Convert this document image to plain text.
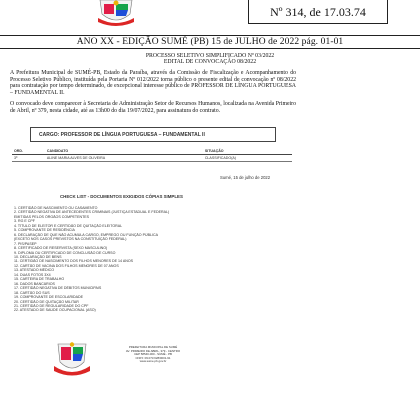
Nº 314, de 17.03.74
ANO XX - EDIÇÃO SUMÉ (PB) 15 de JULHO de 2022 pág. 01-01
PROCESSO SELETIVO SIMPLIFICADO Nº 03/2022
EDITAL DE CONVOCAÇÃO 08/2022
A Prefeitura Municipal de SUMÉ-PB, Estado da Paraíba, através da Comissão de Fiscalização e Acompanhamento do Processo Seletivo Público, instituída pela Portaria Nº 012/2022 torna público o presente edital de convocação nº 08/2022 para contratação por tempo determinado, de excepcional interesse público de PROFESSOR DE LÍNGUA PORTUGUESA – FUNDAMENTAL II.
O convocado deve comparecer à Secretaria de Administração Setor de Recursos Humanos, localizada na Avenida Primeiro de Abril, nº 379, nesta cidade, até as 13h00 do dia 19/07/2022, para assinatura do contrato.
CARGO: PROFESSOR DE LÍNGUA PORTUGUESA – FUNDAMENTAL II
ORD.	CANDIDATO	SITUAÇÃO
3º	ALINE MARIA ALVES DE OLIVEIRA	CLASSIFICADO(A)
Sumé, 15 de julho de 2022
CHECK LIST - DOCUMENTOS EXIGIDOS CÓPIAS SIMPLES
1. CERTIDÃO DE NASCIMENTO OU CASAMENTO
2. CERTIDÃO NEGATIVA DE ANTECEDENTES CRIMINAIS (JUSTIÇA ESTADUAL E FEDERAL)
EMITIDAS PELOS ÓRGÃOS COMPETENTES
3. RG E CPF
4. TÍTULO DE ELEITOR E CERTIDÃO DE QUITAÇÃO ELEITORAL
5. COMPROVANTE DE RESIDÊNCIA
6. DECLARAÇÃO DE QUE NÃO ACUMULA CARGO, EMPREGO OU FUNÇÃO PÚBLICA
(EXCETO NOS CASOS PREVISTOS NA CONSTITUIÇÃO FEDERAL)
7. PIS/PASEP
8. CERTIFICADO DE RESERVISTA (SEXO MASCULINO)
9. DIPLOMA OU CERTIFICADO DE CONCLUSÃO DE CURSO
10. DECLARAÇÃO DE BENS
11. CERTIDÃO DE NASCIMENTO DOS FILHOS MENORES DE 14 ANOS
12. CARTÃO DE VACINA DOS FILHOS MENORES DE 07 ANOS
13. ATESTADO MÉDICO
14. DUAS FOTOS 3X4
15. CARTEIRA DE TRABALHO
16. DADOS BANCÁRIOS
17. CERTIDÃO NEGATIVA DE DÉBITOS MUNICIPAIS
18. CARTÃO DO SUS
19. COMPROVANTE DE ESCOLARIDADE
20. CERTIDÃO DE QUITAÇÃO MILITAR
21. CERTIDÃO DE REGULARIDADE DO CPF
22. ATESTADO DE SAÚDE OCUPACIONAL (ASO)
PREFEITURA MUNICIPAL DE SUMÉ
AV. PRIMEIRO DE ABRIL, 379 - CENTRO
CEP 58540-000 - SUMÉ - PB
CNPJ: 09.073.628/0001-91
www.sume.pb.gov.br
